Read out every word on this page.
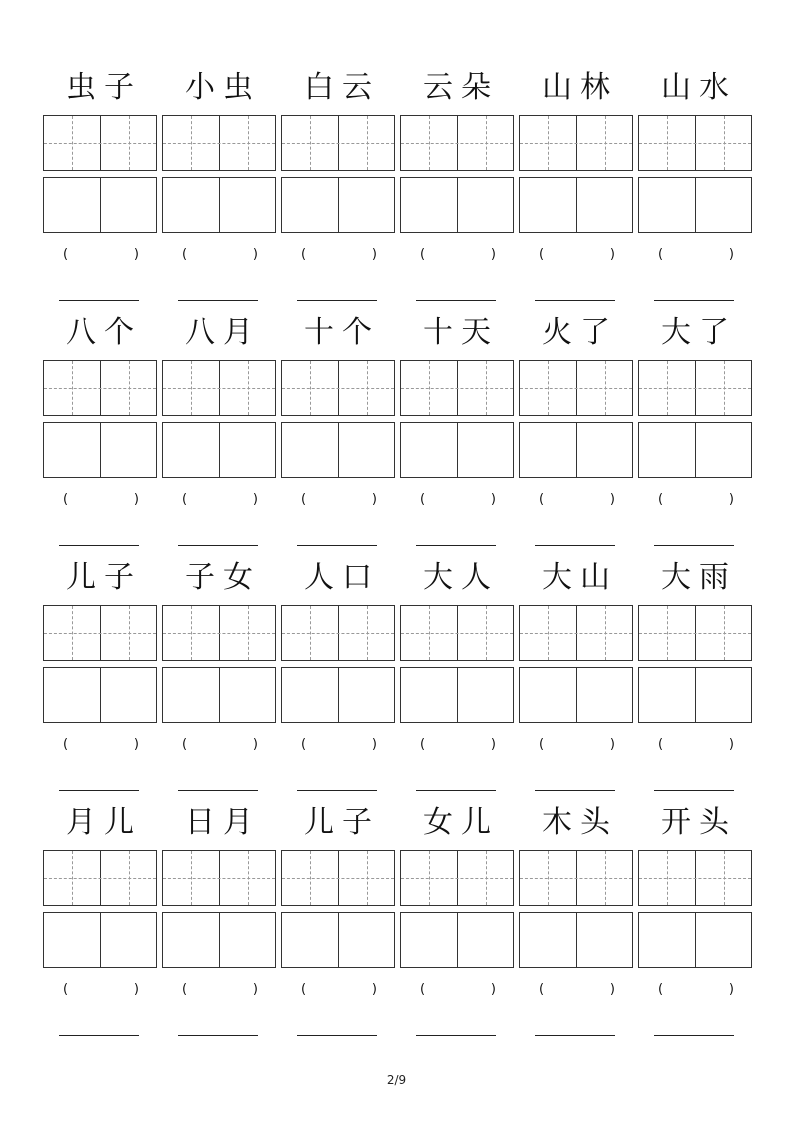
虫子
(	)
小虫
(	)
白云
(	)
云朵
(	)
山林
(	)
山水
(	)
八个
(	)
八月
(	)
十个
(	)
十天
(	)
火了
(	)
大了
(	)
儿子
(	)
子女
(	)
人口
(	)
大人
(	)
大山
(	)
大雨
(	)
月儿
(	)
日月
(	)
儿子
(	)
女儿
(	)
木头
(	)
开头
(	)
2/9
